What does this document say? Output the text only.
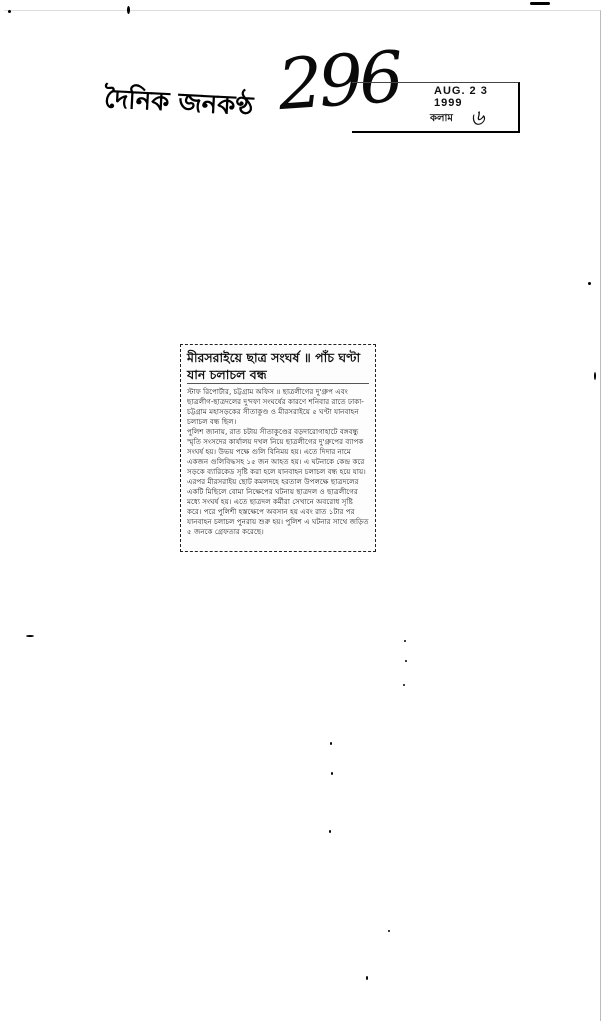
দৈনিক জনকণ্ঠ 296	AUG. 2 3 1999
কলাম ৬
মীরসরাইয়ে ছাত্র সংঘর্ষ ॥ পাঁচ ঘণ্টা যান চলাচল বন্ধ

স্টাফ রিপোর্টার, চট্টগ্রাম অফিস ॥ ছাত্রলীগের দু'গ্রুপ এবং ছাত্রলীগ-ছাত্রদলের দু'দফা সংঘর্ষের কারণে শনিবার রাতে ঢাকা-চট্টগ্রাম মহাসড়কের সীতাকুণ্ড ও মীরসরাইয়ে ৫ ঘণ্টা যানবাহন চলাচল বন্ধ ছিল।

পুলিশ জানায়, রাত চটায় সীতাকুণ্ডের বড়দারোগাহাটে বঙ্গবন্ধু স্মৃতি সংসদের কার্যালয় দখল নিয়ে ছাত্রলীগের দু'গ্রুপের ব্যাপক সংঘর্ষ হয়। উভয় পক্ষে গুলি বিনিময় হয়। এতে দিদার নামে একজন গুলিবিদ্ধসহ ১৫ জন আহত হয়। এ ঘটনাকে কেন্দ্র করে সড়কে ব্যারিকেড সৃষ্টি করা হলে যানবাহন চলাচল বন্ধ হয়ে যায়। এরপর মীরসরাইয় ছোট কমলদহে হরতাল উপলক্ষে ছাত্রদলের একটি মিছিলে বোমা নিক্ষেপের ঘটনায় ছাত্রদল ও ছাত্রলীগের মধ্যে সংঘর্ষ হয়। এতে ছাত্রদল কর্মীরা সেখানে অবরোধ সৃষ্টি করে। পরে পুলিশী হস্তক্ষেপে অবসান হয় এবং রাত ১টার পর যানবাহন চলাচল পুনরায় শুরু হয়। পুলিশ এ ঘটনার সাথে জড়িত ৫ জনকে গ্রেফতার করেছে।
